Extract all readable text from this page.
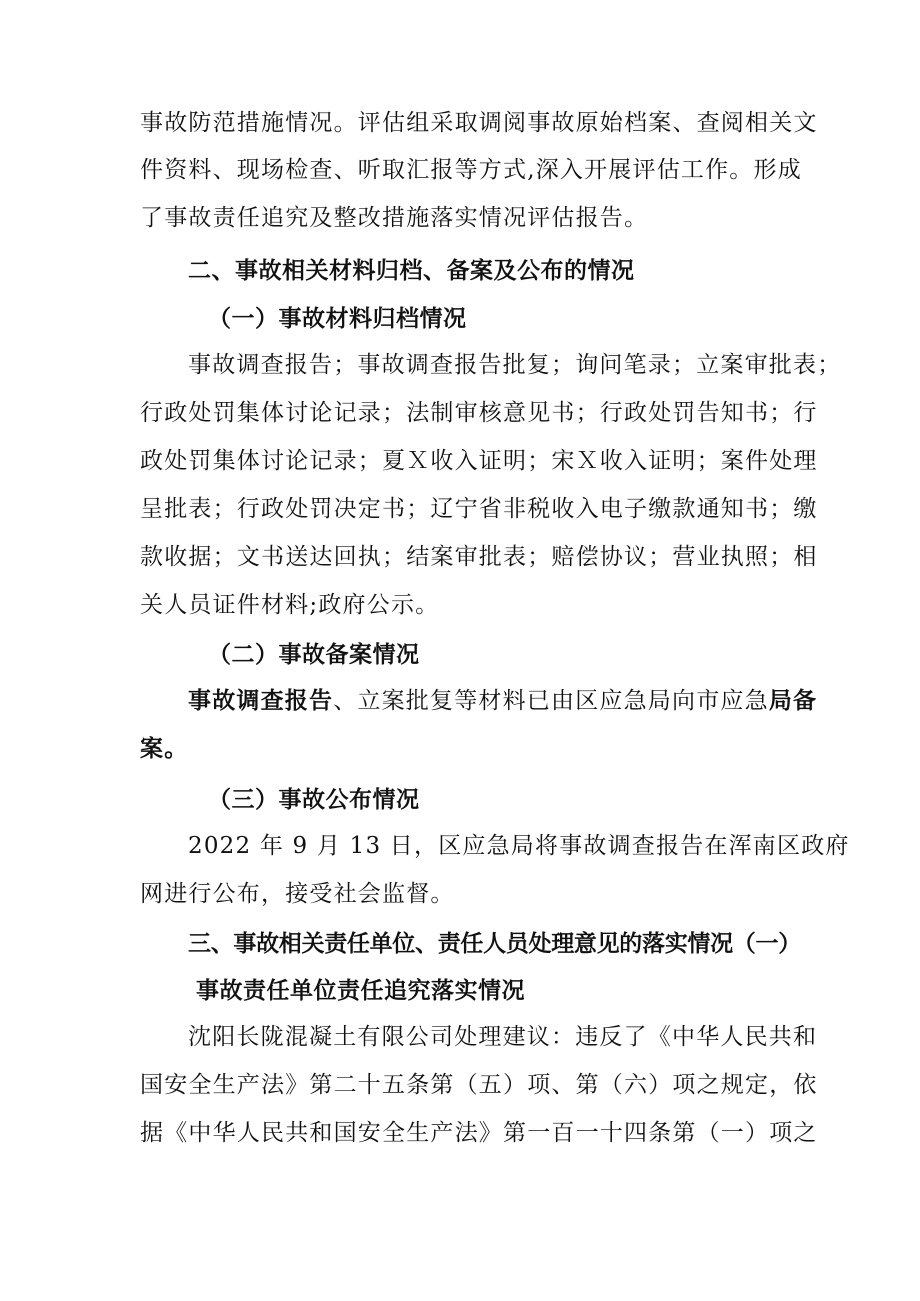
事故防范措施情况。评估组采取调阅事故原始档案、查阅相关文
件资料、现场检查、听取汇报等方式,深入开展评估工作。形成
了事故责任追究及整改措施落实情况评估报告。
二、事故相关材料归档、备案及公布的情况
（一）事故材料归档情况
事故调查报告；事故调查报告批复；询问笔录；立案审批表；
行政处罚集体讨论记录；法制审核意见书；行政处罚告知书；行
政处罚集体讨论记录；夏Ｘ收入证明；宋Ｘ收入证明；案件处理
呈批表；行政处罚决定书；辽宁省非税收入电子缴款通知书；缴
款收据；文书送达回执；结案审批表；赔偿协议；营业执照；相
关人员证件材料;政府公示。
（二）事故备案情况
事故调查报告、立案批复等材料已由区应急局向市应急局备
案。
（三）事故公布情况
2022 年 9 月 13 日，区应急局将事故调查报告在浑南区政府
网进行公布，接受社会监督。
三、事故相关责任单位、责任人员处理意见的落实情况（一）
事故责任单位责任追究落实情况
沈阳长陇混凝土有限公司处理建议：违反了《中华人民共和
国安全生产法》第二十五条第（五）项、第（六）项之规定，依
据《中华人民共和国安全生产法》第一百一十四条第（一）项之
